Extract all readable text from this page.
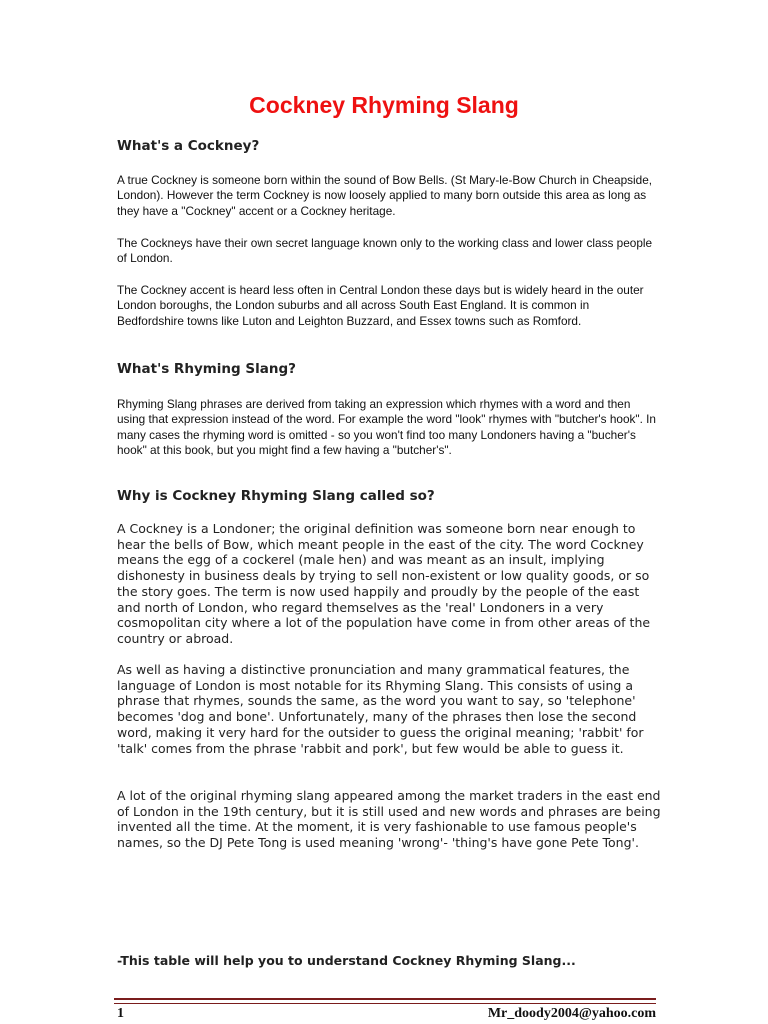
Cockney Rhyming Slang
What's a Cockney?
A true Cockney is someone born within the sound of Bow Bells. (St Mary-le-Bow Church in Cheapside, London). However the term Cockney is now loosely applied to many born outside this area as long as they have a "Cockney" accent or a Cockney heritage.
The Cockneys have their own secret language known only to the working class and lower class people of London.
The Cockney accent is heard less often in Central London these days but is widely heard in the outer London boroughs, the London suburbs and all across South East England. It is common in Bedfordshire towns like Luton and Leighton Buzzard, and Essex towns such as Romford.
What's Rhyming Slang?
Rhyming Slang phrases are derived from taking an expression which rhymes with a word and then using that expression instead of the word. For example the word "look" rhymes with "butcher's hook". In many cases the rhyming word is omitted - so you won't find too many Londoners having a "bucher's hook" at this book, but you might find a few having a "butcher's".
Why is Cockney Rhyming Slang called so?
A Cockney is a Londoner; the original definition was someone born near enough to hear the bells of Bow, which meant people in the east of the city. The word Cockney means the egg of a cockerel (male hen) and was meant as an insult, implying dishonesty in business deals by trying to sell non-existent or low quality goods, or so the story goes. The term is now used happily and proudly by the people of the east and north of London, who regard themselves as the 'real' Londoners in a very cosmopolitan city where a lot of the population have come in from other areas of the country or abroad.
As well as having a distinctive pronunciation and many grammatical features, the language of London is most notable for its Rhyming Slang. This consists of using a phrase that rhymes, sounds the same, as the word you want to say, so 'telephone' becomes 'dog and bone'. Unfortunately, many of the phrases then lose the second word, making it very hard for the outsider to guess the original meaning; 'rabbit' for 'talk' comes from the phrase 'rabbit and pork', but few would be able to guess it.
A lot of the original rhyming slang appeared among the market traders in the east end of London in the 19th century, but it is still used and new words and phrases are being invented all the time. At the moment, it is very fashionable to use famous people's names, so the DJ Pete Tong is used meaning 'wrong'- 'thing's have gone Pete Tong'.
-This table will help you to understand Cockney Rhyming Slang...
1	Mr_doody2004@yahoo.com
